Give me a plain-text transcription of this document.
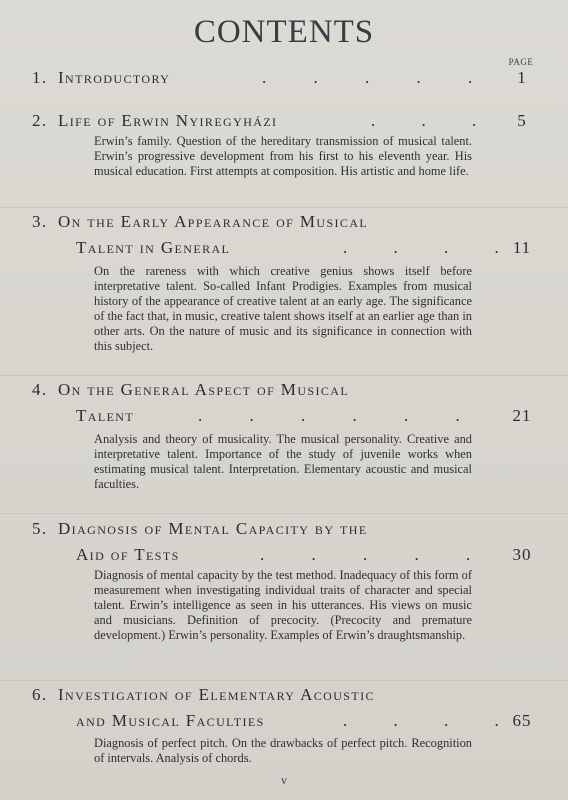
CONTENTS
PAGE
1. Introductory	. . . . .	1
2. Life of Erwin Nyiregyházi	. . .	5
Erwin’s family. Question of the hereditary transmission of musical talent. Erwin’s progressive development from his first to his eleventh year. His musical education. First attempts at composition. His artistic and home life.
3. On the Early Appearance of Musical
Talent in General	. . . . 11
On the rareness with which creative genius shows itself before interpretative talent. So-called Infant Prodigies. Examples from musical history of the appearance of creative talent at an early age. The significance of the fact that, in music, creative talent shows itself at an earlier age than in other arts. On the nature of music and its significance in connection with this subject.
4. On the General Aspect of Musical
Talent	. . . . . .	21
Analysis and theory of musicality. The musical personality. Creative and interpretative talent. Importance of the study of juvenile works when estimating musical talent. Interpretation. Elementary acoustic and musical faculties.
5. Diagnosis of Mental Capacity by the
Aid of Tests	. . . . .	30
Diagnosis of mental capacity by the test method. Inadequacy of this form of measurement when investigating individual traits of character and special talent. Erwin’s intelligence as seen in his utterances. His views on music and musicians. Definition of precocity. (Precocity and premature development.) Erwin’s personality. Examples of Erwin’s draughtsmanship.
6. Investigation of Elementary Acoustic
and Musical Faculties	. . . . 65
Diagnosis of perfect pitch. On the drawbacks of perfect pitch. Recognition of intervals. Analysis of chords.
v
